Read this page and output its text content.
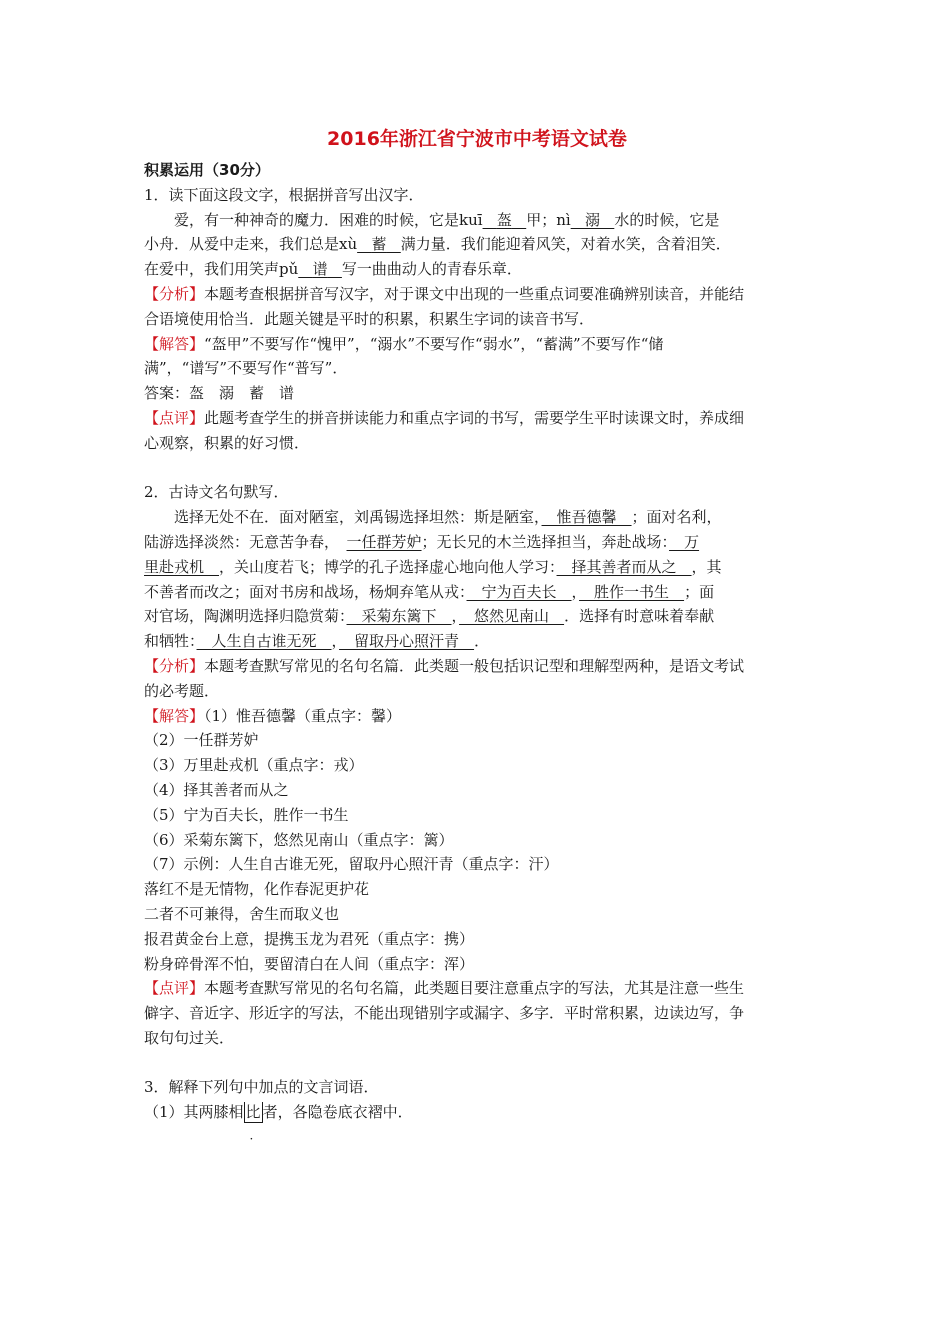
2016年浙江省宁波市中考语文试卷
积累运用（30分）
1．读下面这段文字，根据拼音写出汉字．
爱，有一种神奇的魔力．困难的时候，它是kuī 盔 甲；nì 溺 水的时候，它是
小舟．从爱中走来，我们总是xù 蓄 满力量．我们能迎着风笑，对着水笑，含着泪笑．
在爱中，我们用笑声pǔ 谱 写一曲曲动人的青春乐章．
【分析】本题考查根据拼音写汉字，对于课文中出现的一些重点词要准确辨别读音，并能结
合语境使用恰当．此题关键是平时的积累，积累生字词的读音书写．
【解答】“盔甲”不要写作“愧甲”，“溺水”不要写作“弱水”，“蓄满”不要写作“储
满”，“谱写”不要写作“普写”．
答案：盔　溺　蓄　谱
【点评】此题考查学生的拼音拼读能力和重点字词的书写，需要学生平时读课文时，养成细
心观察，积累的好习惯．
2．古诗文名句默写．
选择无处不在．面对陋室，刘禹锡选择坦然：斯是陋室，　惟吾德馨　；面对名利，
陆游选择淡然：无意苦争春，　一任群芳妒；无长兄的木兰选择担当，奔赴战场：　万
里赴戎机　，关山度若飞；博学的孔子选择虚心地向他人学习：　择其善者而从之　，其
不善者而改之；面对书房和战场，杨炯弃笔从戎：　宁为百夫长　，　胜作一书生　；面
对官场，陶渊明选择归隐赏菊：　采菊东篱下　，　悠然见南山　．选择有时意味着奉献
和牺牲：　人生自古谁无死　，　留取丹心照汗青　．
【分析】本题考查默写常见的名句名篇．此类题一般包括识记型和理解型两种，是语文考试
的必考题．
【解答】（1）惟吾德馨（重点字：馨）
（2）一任群芳妒
（3）万里赴戎机（重点字：戎）
（4）择其善者而从之
（5）宁为百夫长，胜作一书生
（6）采菊东篱下，悠然见南山（重点字：篱）
（7）示例：人生自古谁无死，留取丹心照汗青（重点字：汗）
落红不是无情物，化作春泥更护花
二者不可兼得，舍生而取义也
报君黄金台上意，提携玉龙为君死（重点字：携）
粉身碎骨浑不怕，要留清白在人间（重点字：浑）
【点评】本题考查默写常见的名句名篇，此类题目要注意重点字的写法，尤其是注意一些生
僻字、音近字、形近字的写法，不能出现错别字或漏字、多字．平时常积累，边读边写，争
取句句过关．
3．解释下列句中加点的文言词语．
（1）其两膝相 比
·
者，各隐卷底衣褶中．
